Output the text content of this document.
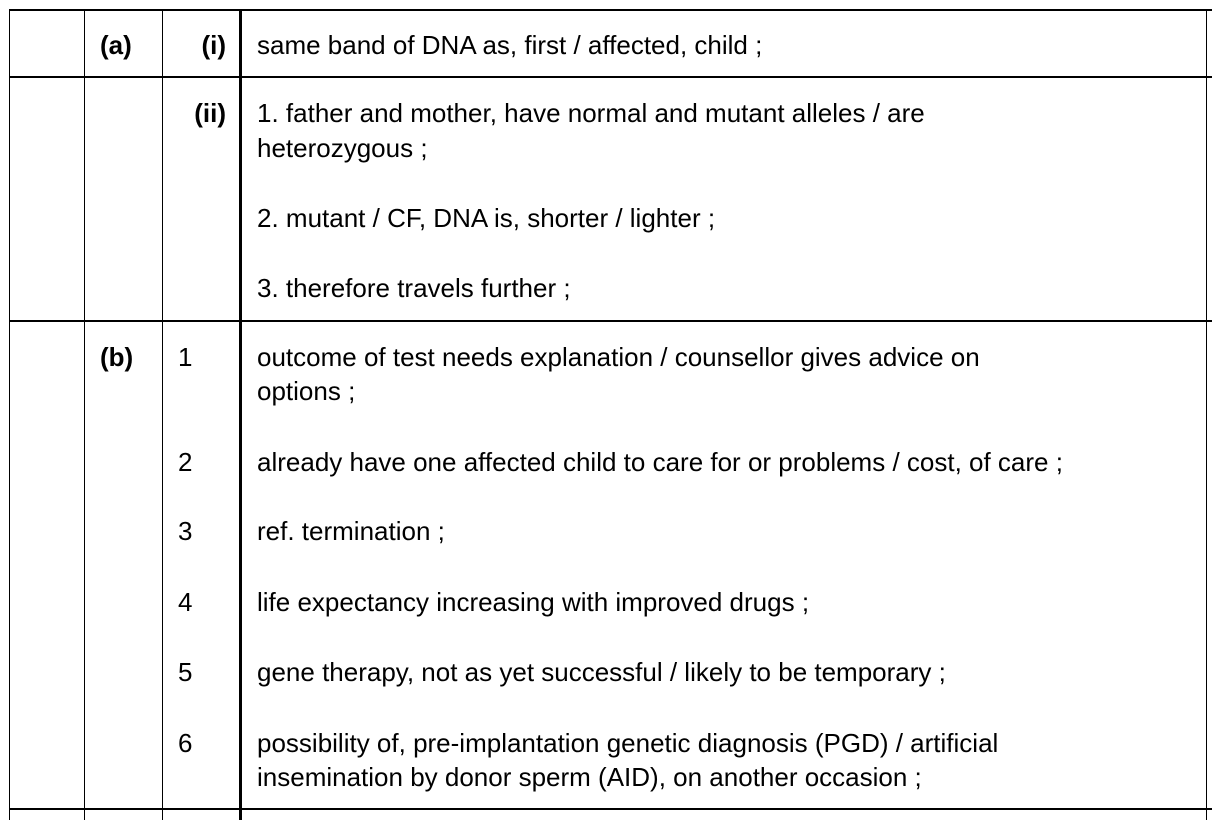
(a)	(i) same band of DNA as, first / affected, child ;
(ii) 1. father and mother, have normal and mutant alleles / are
heterozygous ;
2. mutant / CF, DNA is, shorter / lighter ;
3. therefore travels further ;
(b) 1 outcome of test needs explanation / counsellor gives advice on
options ;
2 already have one affected child to care for or problems / cost, of care ;
3 ref. termination ;
4 life expectancy increasing with improved drugs ;
5 gene therapy, not as yet successful / likely to be temporary ;
6 possibility of, pre-implantation genetic diagnosis (PGD) / artificial
insemination by donor sperm (AID), on another occasion ;
